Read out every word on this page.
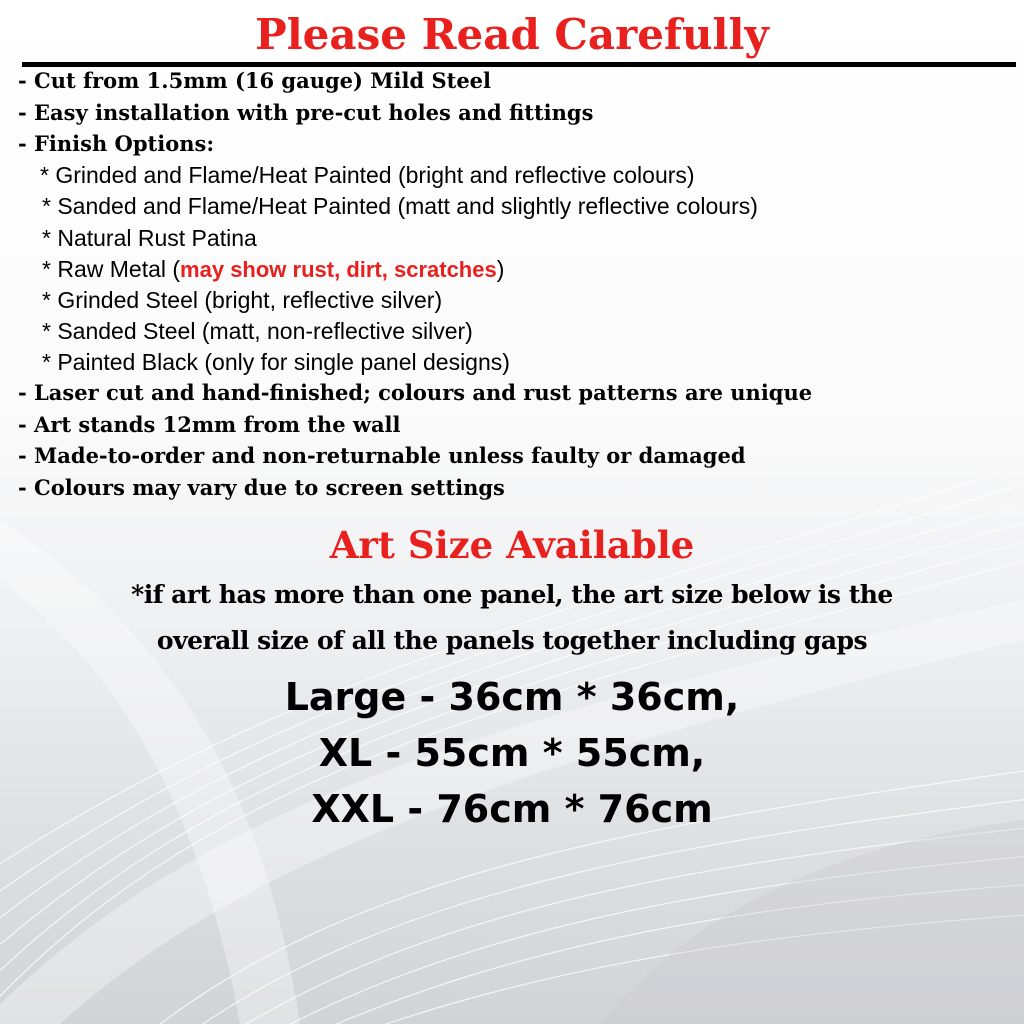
Please Read Carefully
- Cut from 1.5mm (16 gauge) Mild Steel
- Easy installation with pre-cut holes and fittings
- Finish Options:
* Grinded and Flame/Heat Painted (bright and reflective colours)
* Sanded and Flame/Heat Painted (matt and slightly reflective colours)
* Natural Rust Patina
* Raw Metal (may show rust, dirt, scratches)
* Grinded Steel (bright, reflective silver)
* Sanded Steel (matt, non-reflective silver)
* Painted Black (only for single panel designs)
- Laser cut and hand-finished; colours and rust patterns are unique
- Art stands 12mm from the wall
- Made-to-order and non-returnable unless faulty or damaged
- Colours may vary due to screen settings
Art Size Available
*if art has more than one panel, the art size below is the
overall size of all the panels together including gaps
Large - 36cm * 36cm,
XL - 55cm * 55cm,
XXL - 76cm * 76cm
